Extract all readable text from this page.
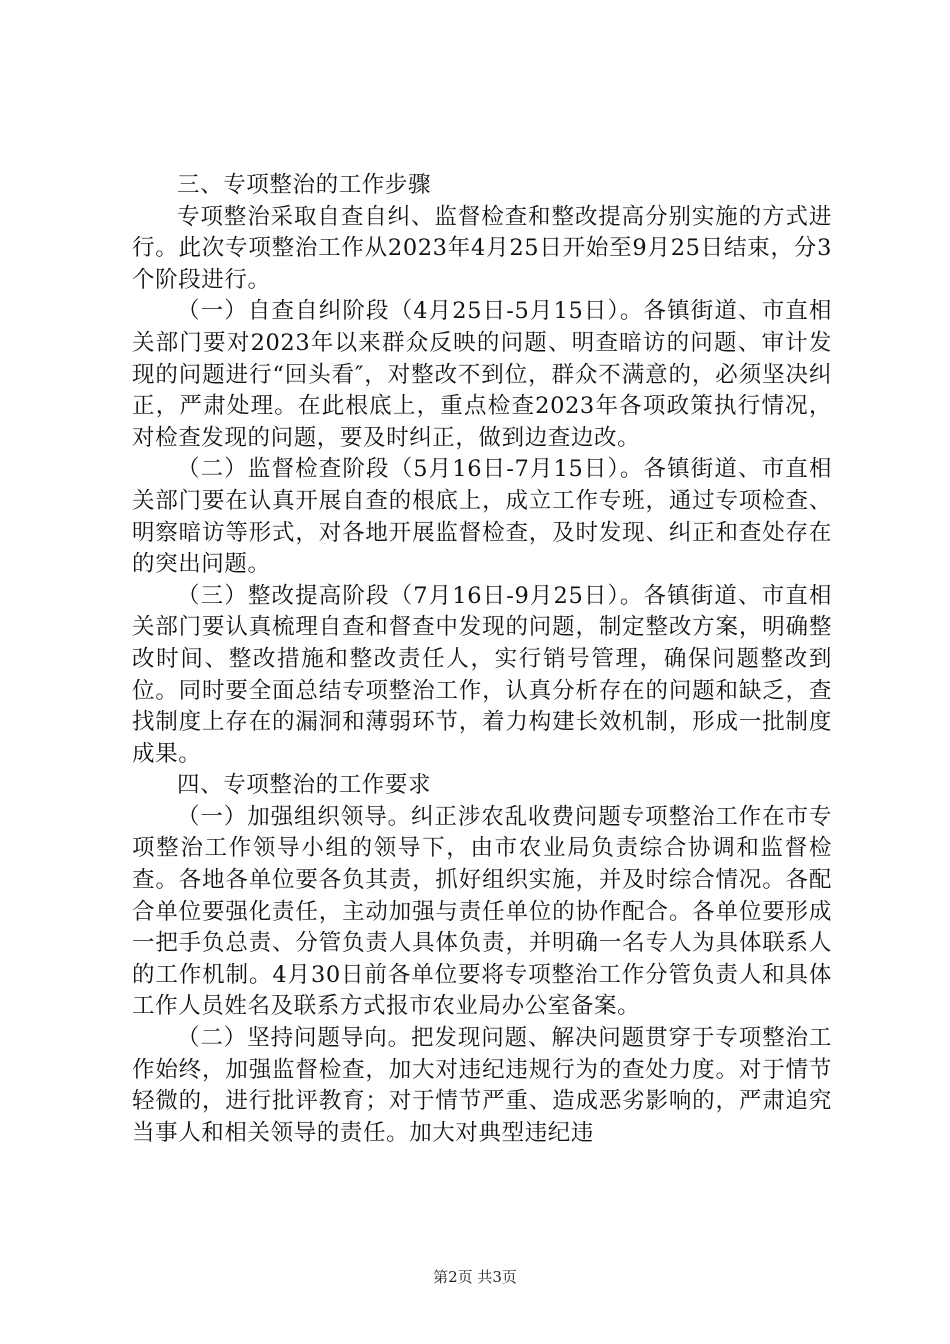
三、专项整治的工作步骤

专项整治采取自查自纠、监督检查和整改提高分别实施的方式进行。此次专项整治工作从2023年4月25日开始至9月25日结束，分3个阶段进行。

（一）自查自纠阶段（4月25日-5月15日）。各镇街道、市直相关部门要对2023年以来群众反映的问题、明查暗访的问题、审计发现的问题进行“回头看″，对整改不到位，群众不满意的，必须坚决纠正，严肃处理。在此根底上，重点检查2023年各项政策执行情况，对检查发现的问题，要及时纠正，做到边查边改。

（二）监督检查阶段（5月16日-7月15日）。各镇街道、市直相关部门要在认真开展自查的根底上，成立工作专班，通过专项检查、明察暗访等形式，对各地开展监督检查，及时发现、纠正和查处存在的突出问题。

（三）整改提高阶段（7月16日-9月25日）。各镇街道、市直相关部门要认真梳理自查和督查中发现的问题，制定整改方案，明确整改时间、整改措施和整改责任人，实行销号管理，确保问题整改到位。同时要全面总结专项整治工作，认真分析存在的问题和缺乏，查找制度上存在的漏洞和薄弱环节，着力构建长效机制，形成一批制度成果。

四、专项整治的工作要求

（一）加强组织领导。纠正涉农乱收费问题专项整治工作在市专项整治工作领导小组的领导下，由市农业局负责综合协调和监督检查。各地各单位要各负其责，抓好组织实施，并及时综合情况。各配合单位要强化责任，主动加强与责任单位的协作配合。各单位要形成一把手负总责、分管负责人具体负责，并明确一名专人为具体联系人的工作机制。4月30日前各单位要将专项整治工作分管负责人和具体工作人员姓名及联系方式报市农业局办公室备案。

（二）坚持问题导向。把发现问题、解决问题贯穿于专项整治工作始终，加强监督检查，加大对违纪违规行为的查处力度。对于情节轻微的，进行批评教育；对于情节严重、造成恶劣影响的，严肃追究当事人和相关领导的责任。加大对典型违纪违

第2页 共3页
